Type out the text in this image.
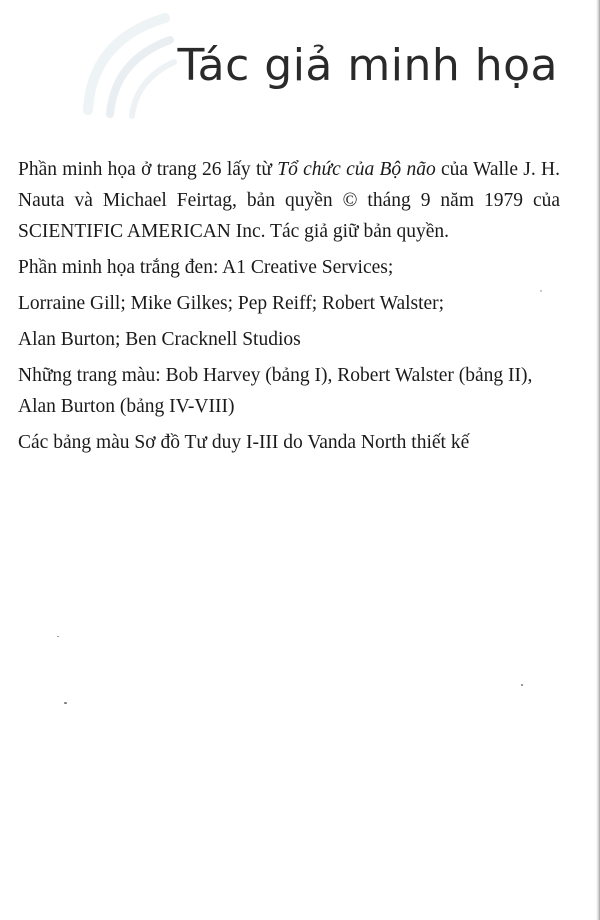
Tác giả minh họa

Phần minh họa ở trang 26 lấy từ Tổ chức của Bộ não của Walle J. H. Nauta và Michael Feirtag, bản quyền © tháng 9 năm 1979 của SCIENTIFIC AMERICAN Inc. Tác giả giữ bản quyền.

Phần minh họa trắng đen: A1 Creative Services;

Lorraine Gill; Mike Gilkes; Pep Reiff; Robert Walster;

Alan Burton; Ben Cracknell Studios

Những trang màu: Bob Harvey (bảng I), Robert Walster (bảng II), Alan Burton (bảng IV-VIII)

Các bảng màu Sơ đồ Tư duy I-III do Vanda North thiết kế
